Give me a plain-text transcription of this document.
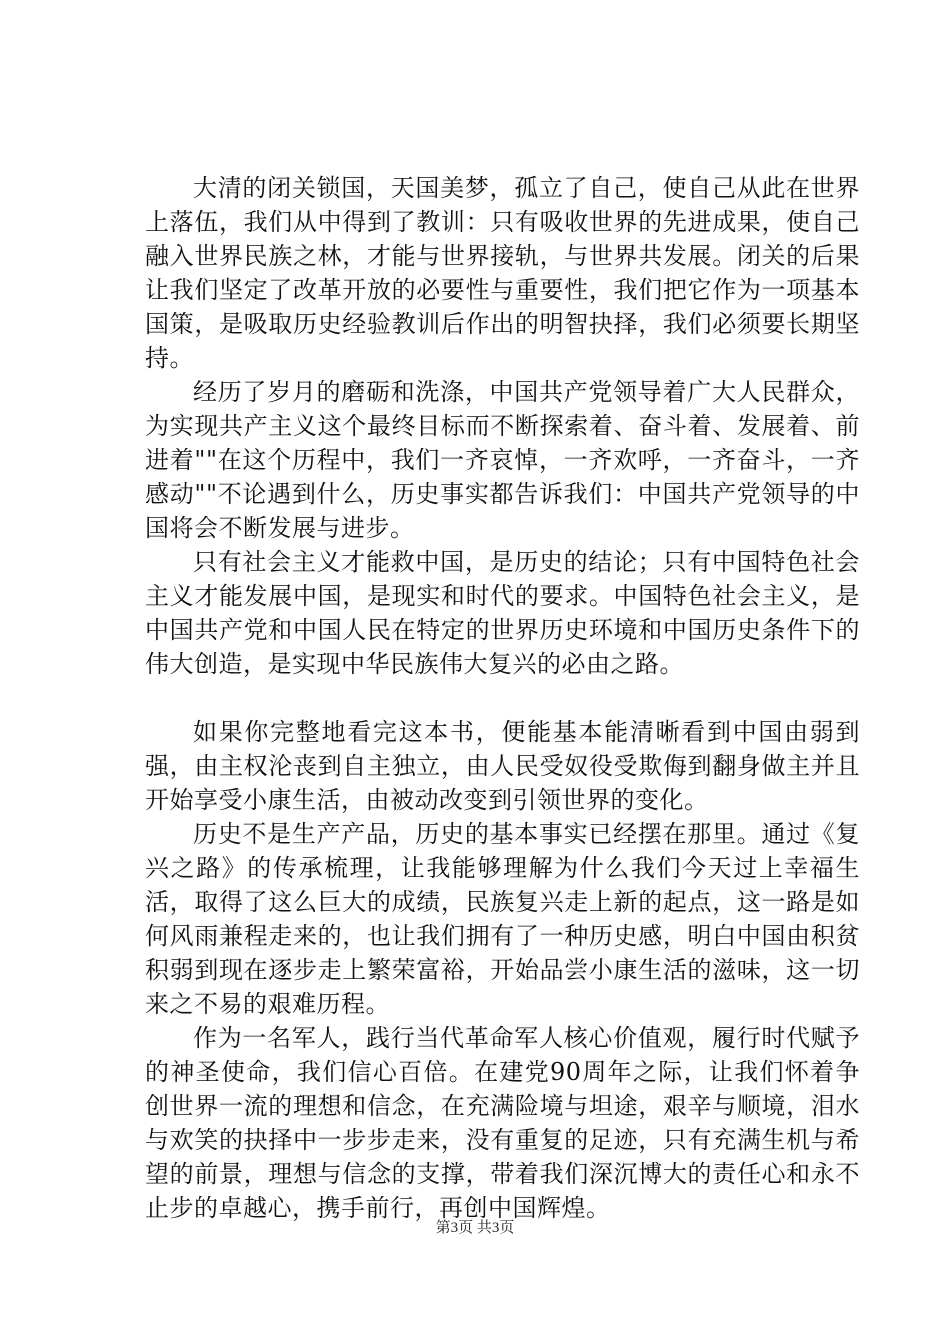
大清的闭关锁国，天国美梦，孤立了自己，使自己从此在世界上落伍，我们从中得到了教训：只有吸收世界的先进成果，使自己融入世界民族之林，才能与世界接轨，与世界共发展。闭关的后果让我们坚定了改革开放的必要性与重要性，我们把它作为一项基本国策，是吸取历史经验教训后作出的明智抉择，我们必须要长期坚持。

经历了岁月的磨砺和洗涤，中国共产党领导着广大人民群众，为实现共产主义这个最终目标而不断探索着、奋斗着、发展着、前进着""在这个历程中，我们一齐哀悼，一齐欢呼，一齐奋斗，一齐感动""不论遇到什么，历史事实都告诉我们：中国共产党领导的中国将会不断发展与进步。

只有社会主义才能救中国，是历史的结论；只有中国特色社会主义才能发展中国，是现实和时代的要求。中国特色社会主义，是中国共产党和中国人民在特定的世界历史环境和中国历史条件下的伟大创造，是实现中华民族伟大复兴的必由之路。

如果你完整地看完这本书，便能基本能清晰看到中国由弱到强，由主权沦丧到自主独立，由人民受奴役受欺侮到翻身做主并且开始享受小康生活，由被动改变到引领世界的变化。

历史不是生产产品，历史的基本事实已经摆在那里。通过《复兴之路》的传承梳理，让我能够理解为什么我们今天过上幸福生活，取得了这么巨大的成绩，民族复兴走上新的起点，这一路是如何风雨兼程走来的，也让我们拥有了一种历史感，明白中国由积贫积弱到现在逐步走上繁荣富裕，开始品尝小康生活的滋味，这一切来之不易的艰难历程。

作为一名军人，践行当代革命军人核心价值观，履行时代赋予的神圣使命，我们信心百倍。在建党90周年之际，让我们怀着争创世界一流的理想和信念，在充满险境与坦途，艰辛与顺境，泪水与欢笑的抉择中一步步走来，没有重复的足迹，只有充满生机与希望的前景，理想与信念的支撑，带着我们深沉博大的责任心和永不止步的卓越心，携手前行，再创中国辉煌。

第3页 共3页
